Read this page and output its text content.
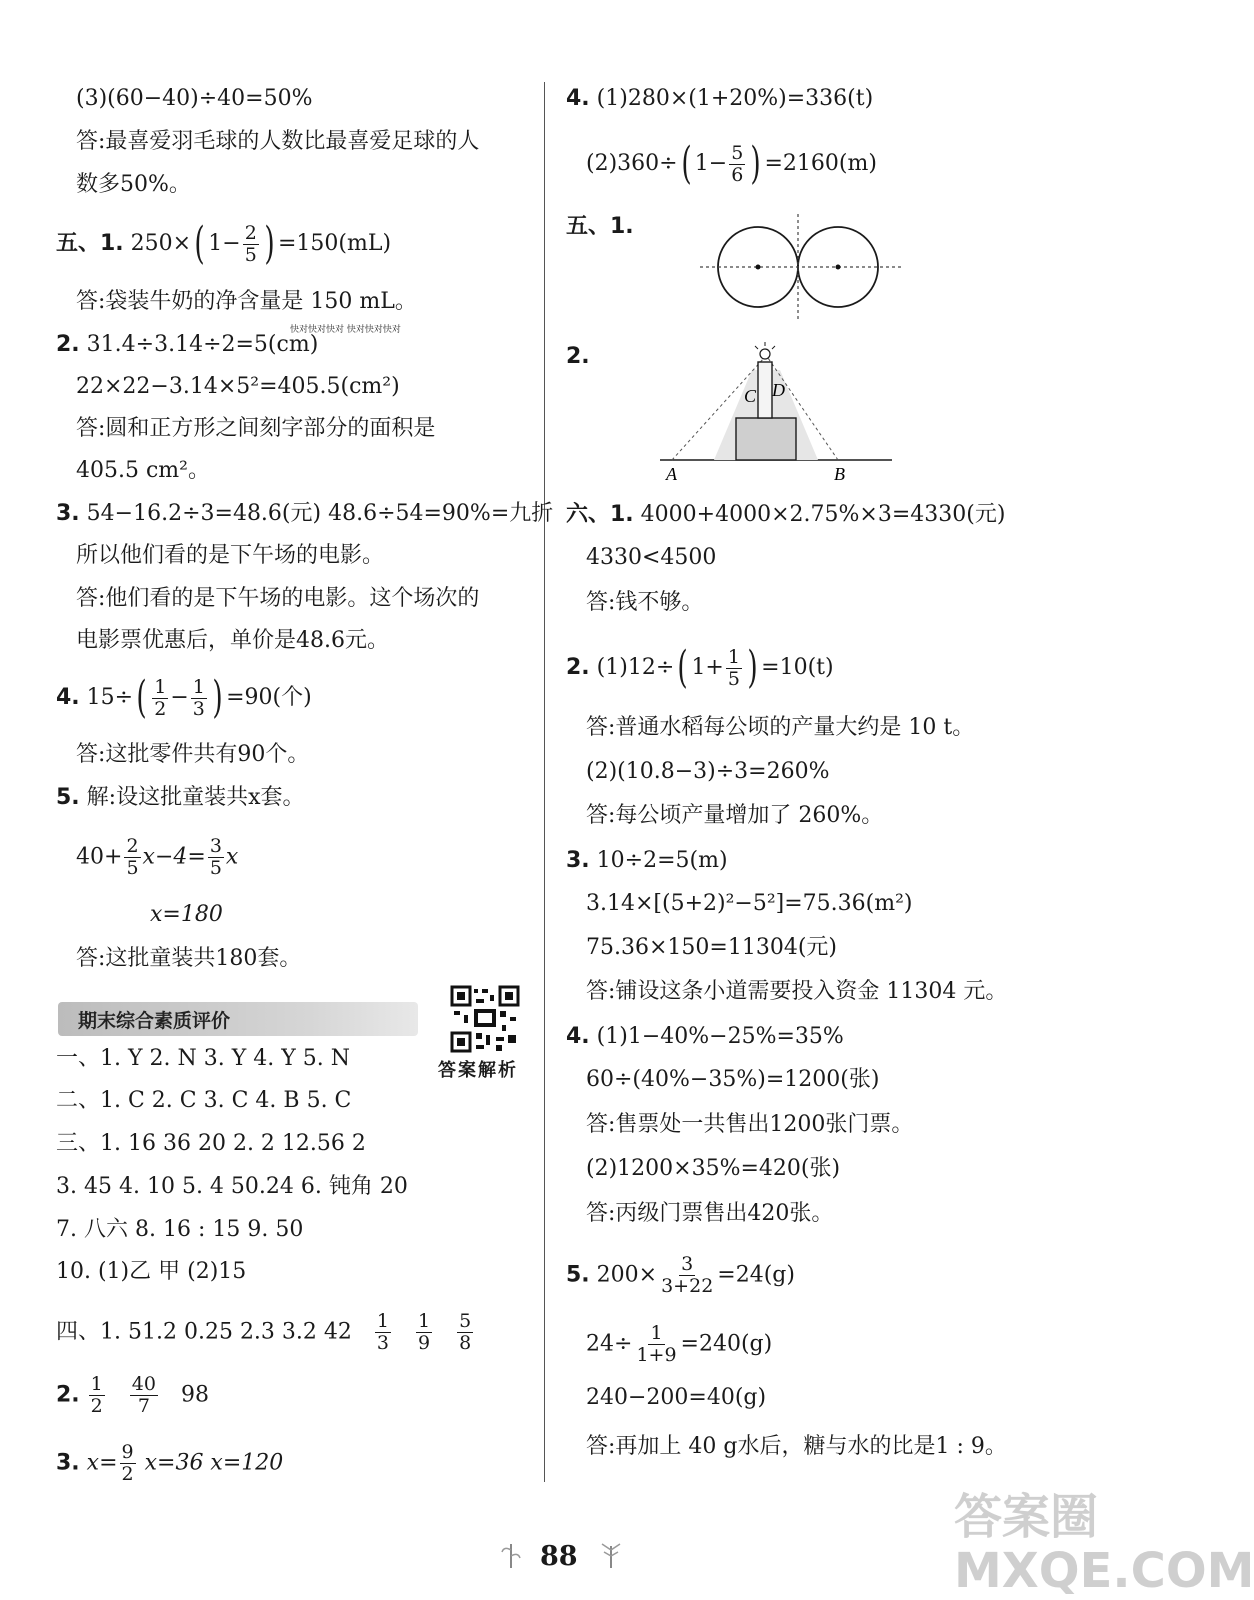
(3)(60−40)÷40=50%
答:最喜爱羽毛球的人数比最喜爱足球的人
数多50%。
五、1. 250×( $1- \frac{2}{5}$ ) =150(mL)
答:袋装牛奶的净含量是 150 mL。
2. 31.4÷3.14÷2=5(cm)
快对快对快对 快对快对快对
22×22−3.14×5²=405.5(cm²)
答:圆和正方形之间刻字部分的面积是
405.5 cm²。
3. 54−16.2÷3=48.6(元) 48.6÷54=90%=九折
所以他们看的是下午场的电影。
答:他们看的是下午场的电影。这个场次的
电影票优惠后，单价是48.6元。
4. $15\div( \frac{1}{2} - \frac{1}{3}$ ) =90(个)
答:这批零件共有90个。
5. 解:设这批童装共x套。
$40+ \frac{2}{5} x-4= \frac{3}{5}$ x
x=180
答:这批童装共180套。
期末综合素质评价
答案解析
一、1. Y 2. N 3. Y 4. Y 5. N
二、1. C 2. C 3. C 4. B 5. C
三、1. 16 36 20 2. 2 12.56 2
3. 45 4. 10 5. 4 50.24 6. 钝角 20
7. 八六 8. 16 : 15 9. 50
10. (1)乙 甲 (2)15
四、1. 51.2 0.25 2.3 3.2 $42 \frac{1}{3}$
$\frac{1}{9}$
$\frac{5}{8}$
2. $\frac{1}{2}$
$\frac{40}{7} 98$
3. $x= \frac{9}{2} x=36$ x=120
4. (1)280×(1+20%)=336(t)
(2)360÷( $1- \frac{5}{6}$ ) =2160(m)
五、1.
2.
C D
A	B
六、1. 4000+4000×2.75%×3=4330(元)
4330<4500
答:钱不够。
2. (1)12÷( $1+ \frac{1}{5}$ ) =10(t)
答:普通水稻每公顷的产量大约是 10 t。
(2)(10.8−3)÷3=260%
答:每公顷产量增加了 260%。
3. 10÷2=5(m)
3.14×[(5+2)²−5²]=75.36(m²)
75.36×150=11304(元)
答:铺设这条小道需要投入资金 11304 元。
4. (1)1−40%−25%=35%
60÷(40%−35%)=1200(张)
答:售票处一共售出1200张门票。
(2)1200×35%=420(张)
答:丙级门票售出420张。
5. $200\times \frac{3}{3+22} =24(g)$
$24\div \frac{1}{1+9} =240(g)$
240−200=40(g)
答:再加上 40 g水后，糖与水的比是1 : 9。
88
答案圈 MXQE.COM
